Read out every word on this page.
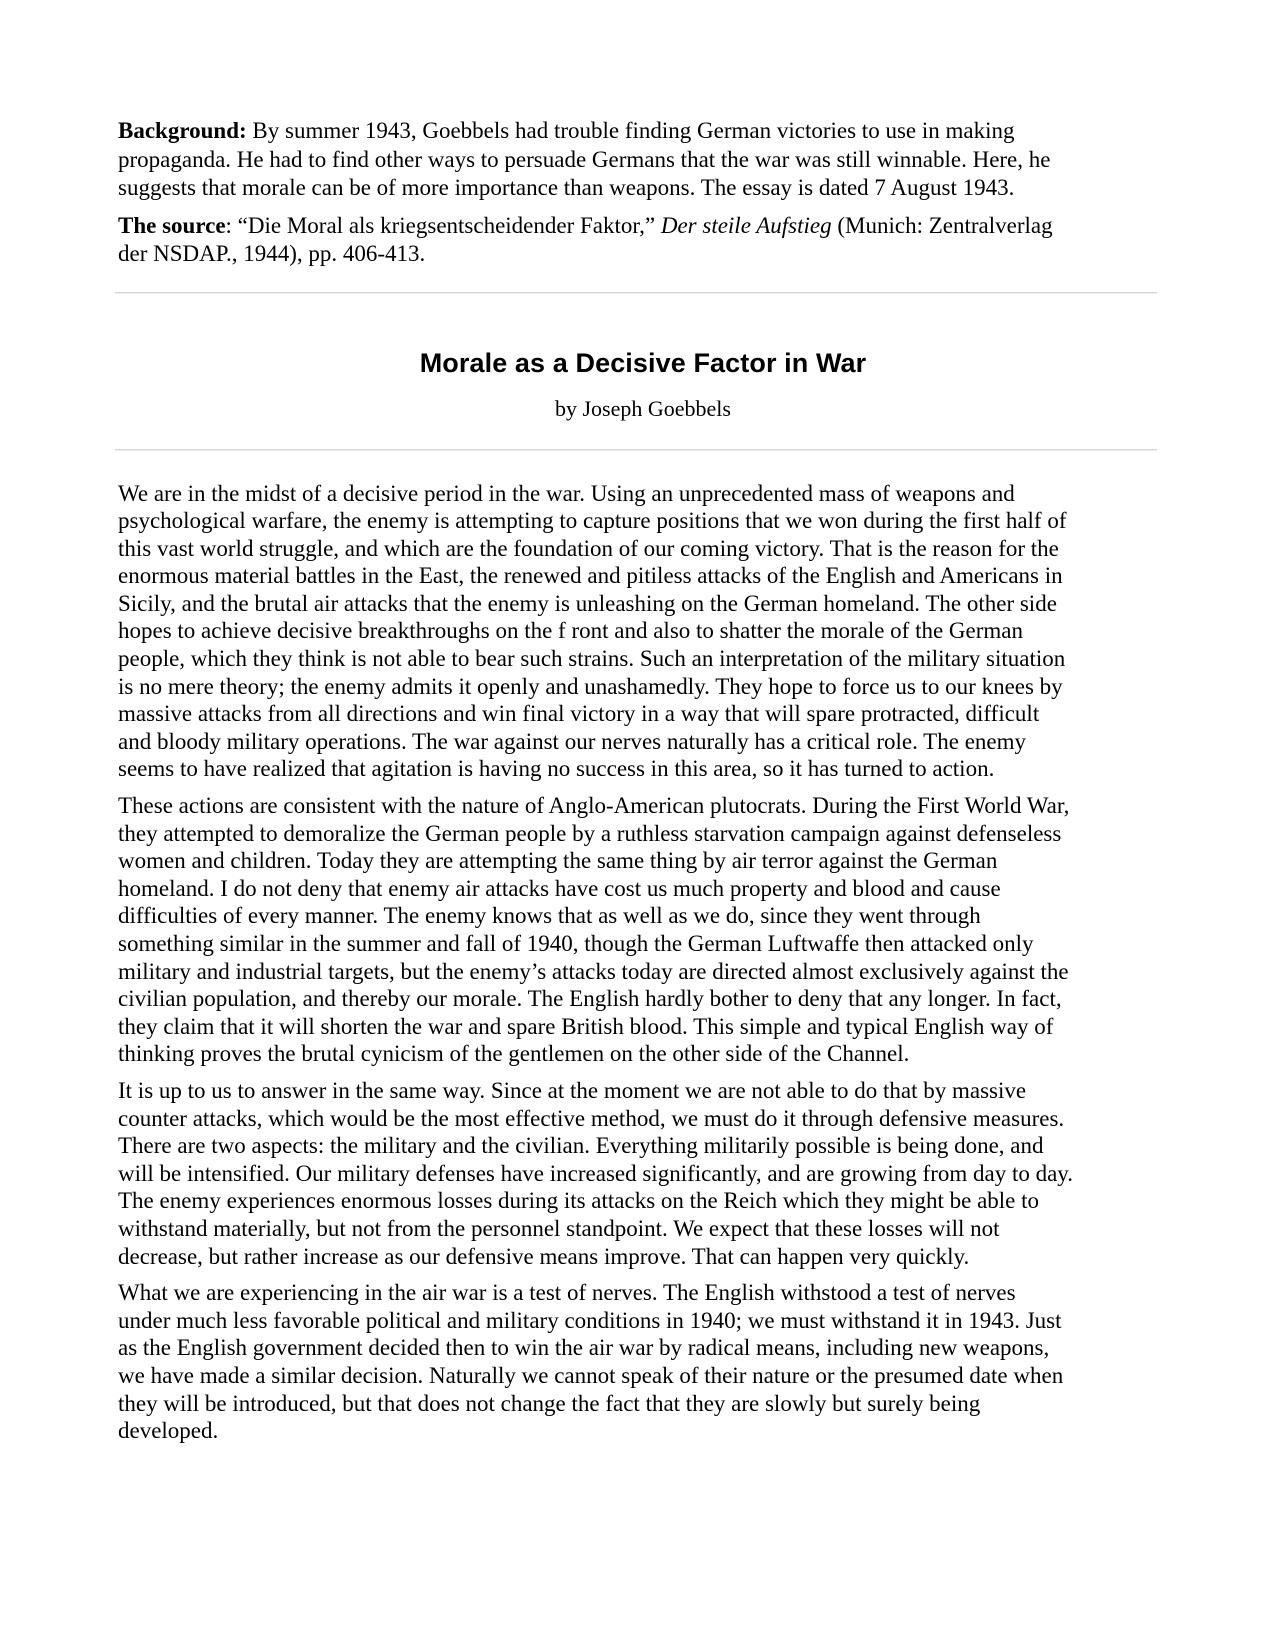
Background: By summer 1943, Goebbels had trouble finding German victories to use in making
propaganda. He had to find other ways to persuade Germans that the war was still winnable. Here, he
suggests that morale can be of more importance than weapons. The essay is dated 7 August 1943.

The source: “Die Moral als kriegsentscheidender Faktor,” Der steile Aufstieg (Munich: Zentralverlag
der NSDAP., 1944), pp. 406-413.

Morale as a Decisive Factor in War
by Joseph Goebbels

We are in the midst of a decisive period in the war. Using an unprecedented mass of weapons and
psychological warfare, the enemy is attempting to capture positions that we won during the first half of
this vast world struggle, and which are the foundation of our coming victory. That is the reason for the
enormous material battles in the East, the renewed and pitiless attacks of the English and Americans in
Sicily, and the brutal air attacks that the enemy is unleashing on the German homeland. The other side
hopes to achieve decisive breakthroughs on the f ront and also to shatter the morale of the German
people, which they think is not able to bear such strains. Such an interpretation of the military situation
is no mere theory; the enemy admits it openly and unashamedly. They hope to force us to our knees by
massive attacks from all directions and win final victory in a way that will spare protracted, difficult
and bloody military operations. The war against our nerves naturally has a critical role. The enemy
seems to have realized that agitation is having no success in this area, so it has turned to action.

These actions are consistent with the nature of Anglo-American plutocrats. During the First World War,
they attempted to demoralize the German people by a ruthless starvation campaign against defenseless
women and children. Today they are attempting the same thing by air terror against the German
homeland. I do not deny that enemy air attacks have cost us much property and blood and cause
difficulties of every manner. The enemy knows that as well as we do, since they went through
something similar in the summer and fall of 1940, though the German Luftwaffe then attacked only
military and industrial targets, but the enemy’s attacks today are directed almost exclusively against the
civilian population, and thereby our morale. The English hardly bother to deny that any longer. In fact,
they claim that it will shorten the war and spare British blood. This simple and typical English way of
thinking proves the brutal cynicism of the gentlemen on the other side of the Channel.

It is up to us to answer in the same way. Since at the moment we are not able to do that by massive
counter attacks, which would be the most effective method, we must do it through defensive measures.
There are two aspects: the military and the civilian. Everything militarily possible is being done, and
will be intensified. Our military defenses have increased significantly, and are growing from day to day.
The enemy experiences enormous losses during its attacks on the Reich which they might be able to
withstand materially, but not from the personnel standpoint. We expect that these losses will not
decrease, but rather increase as our defensive means improve. That can happen very quickly.

What we are experiencing in the air war is a test of nerves. The English withstood a test of nerves
under much less favorable political and military conditions in 1940; we must withstand it in 1943. Just
as the English government decided then to win the air war by radical means, including new weapons,
we have made a similar decision. Naturally we cannot speak of their nature or the presumed date when
they will be introduced, but that does not change the fact that they are slowly but surely being
developed.
